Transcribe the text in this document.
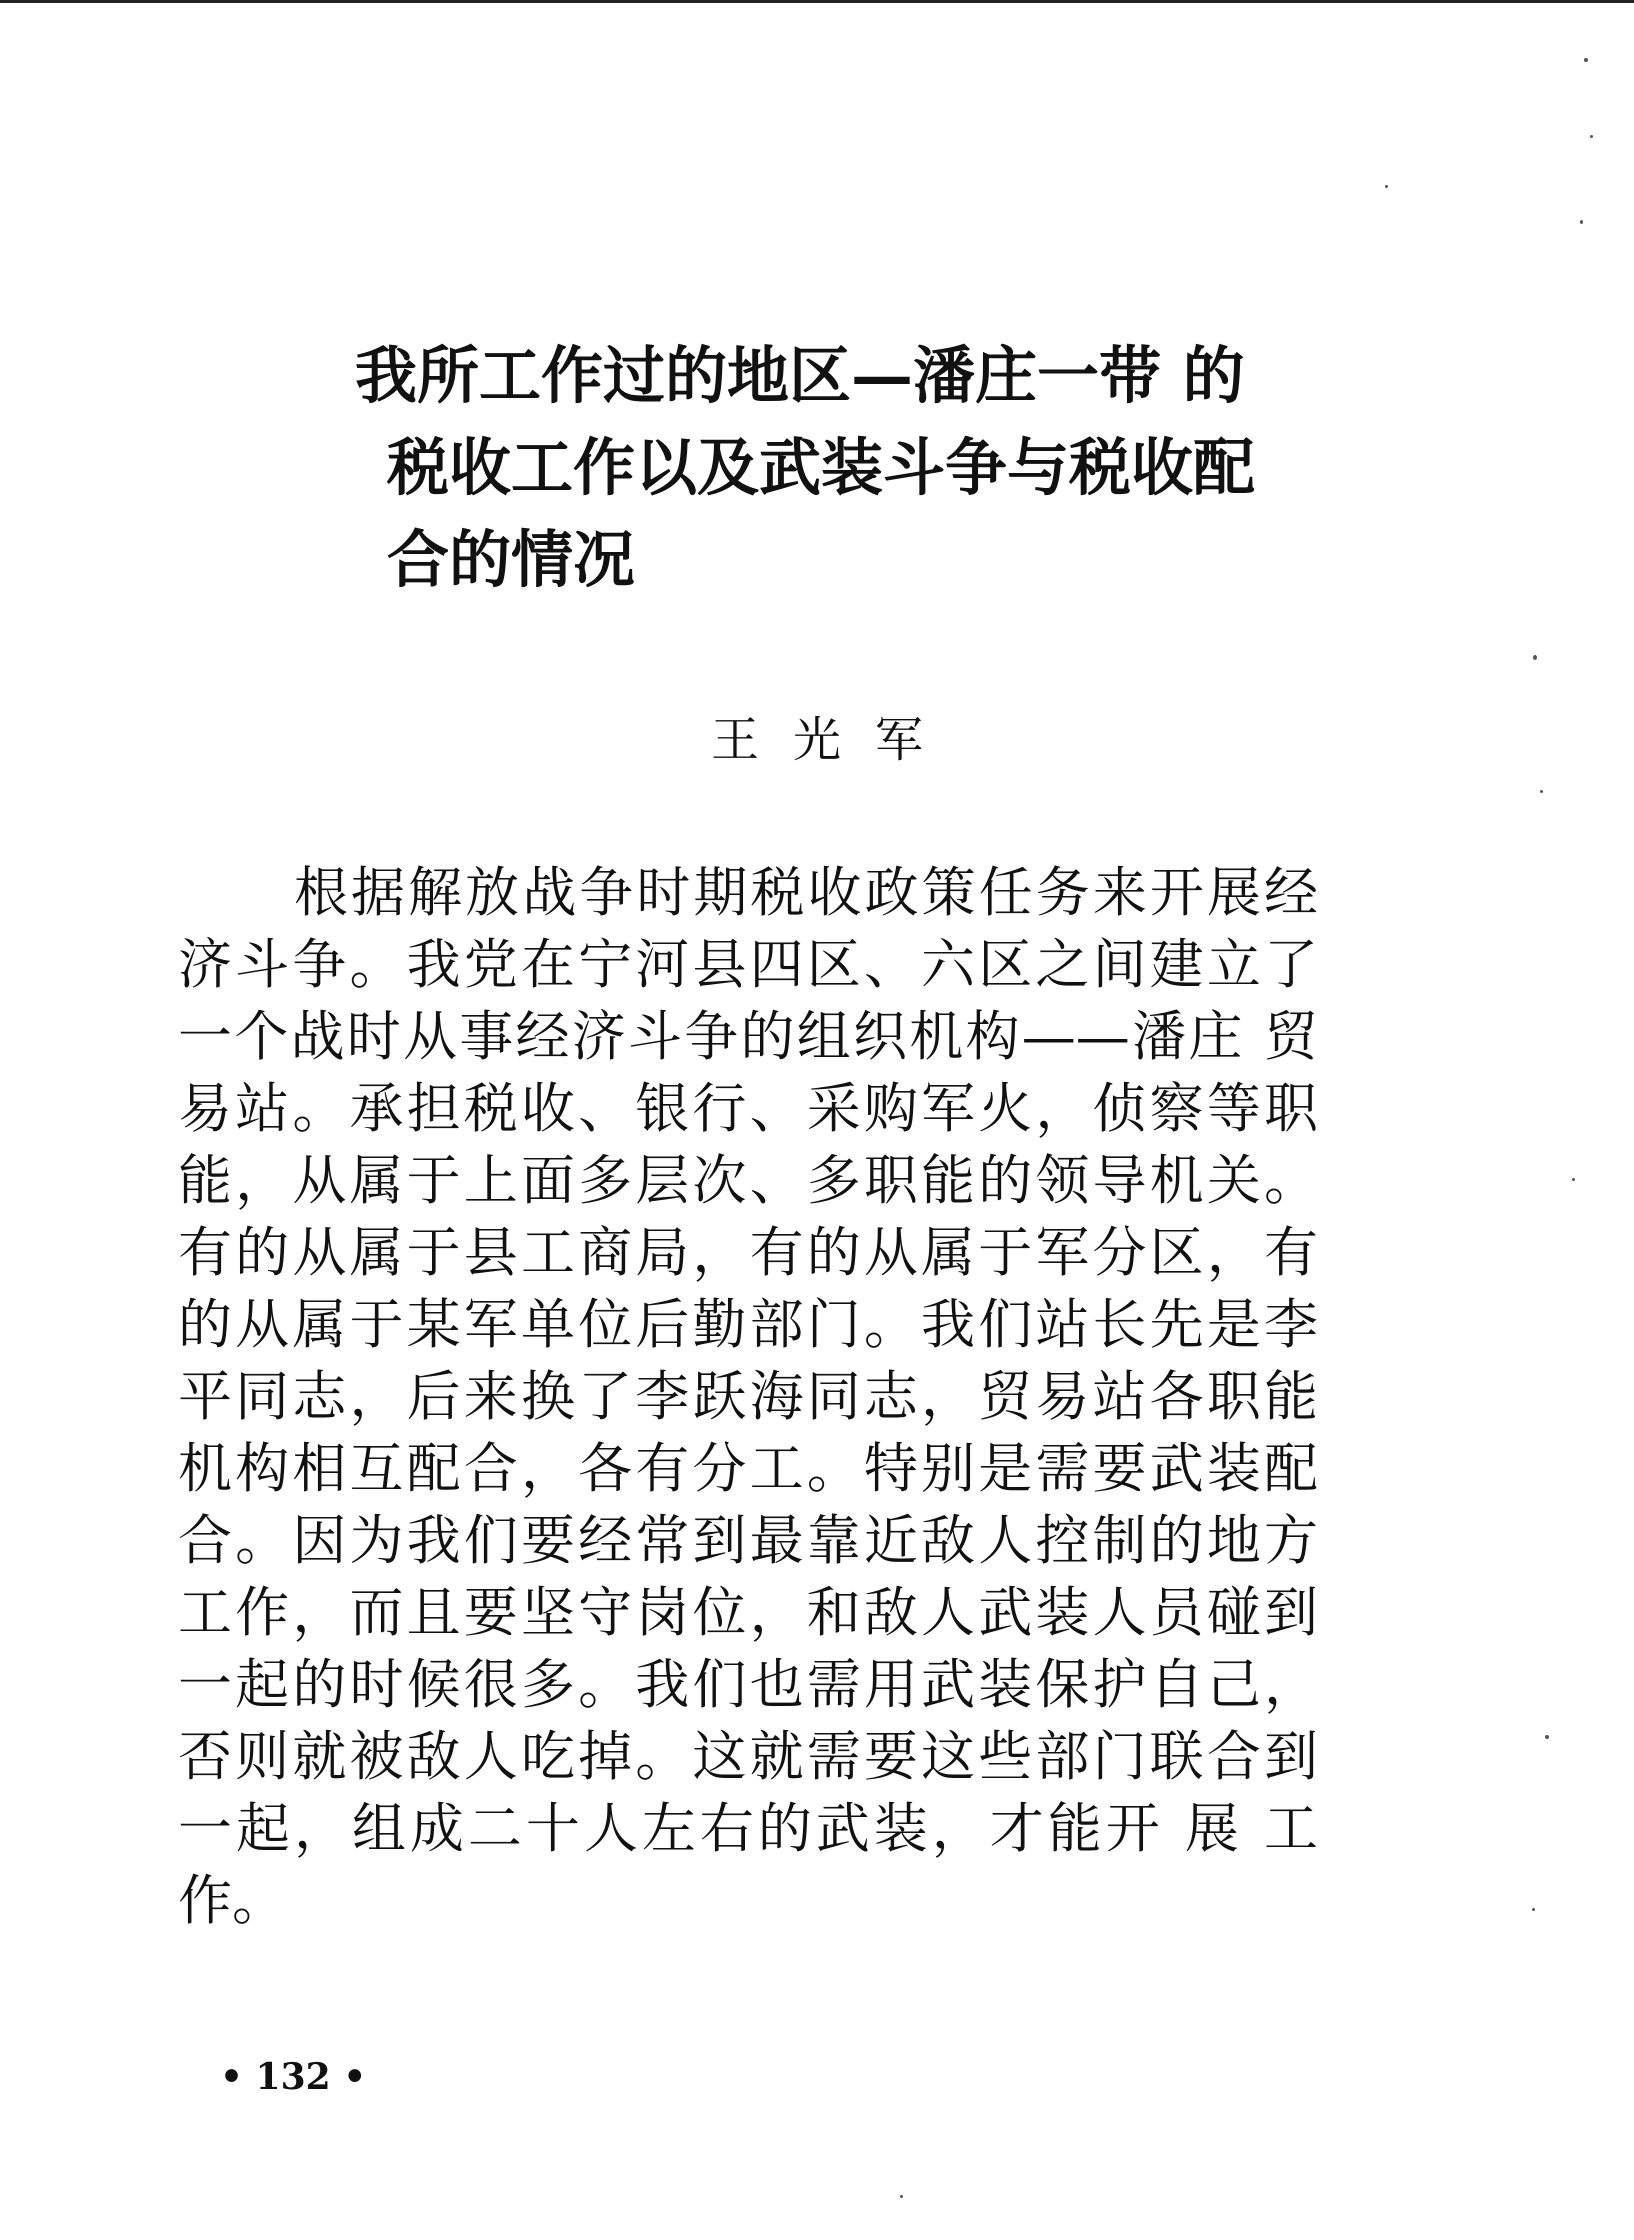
我所工作过的地区—潘庄一带 的
税收工作以及武装斗争与税收配
合的情况
王光军
根据解放战争时期税收政策任务来开展经
济斗争。我党在宁河县四区、六区之间建立了
一个战时从事经济斗争的组织机构——潘庄 贸
易站。承担税收、银行、采购军火，侦察等职
能，从属于上面多层次、多职能的领导机关。
有的从属于县工商局，有的从属于军分区，有
的从属于某军单位后勤部门。我们站长先是李
平同志，后来换了李跃海同志，贸易站各职能
机构相互配合，各有分工。特别是需要武装配
合。因为我们要经常到最靠近敌人控制的地方
工作，而且要坚守岗位，和敌人武装人员碰到
一起的时候很多。我们也需用武装保护自己，
否则就被敌人吃掉。这就需要这些部门联合到
一起，组成二十人左右的武装，才能开 展 工
作。
• 132 •
